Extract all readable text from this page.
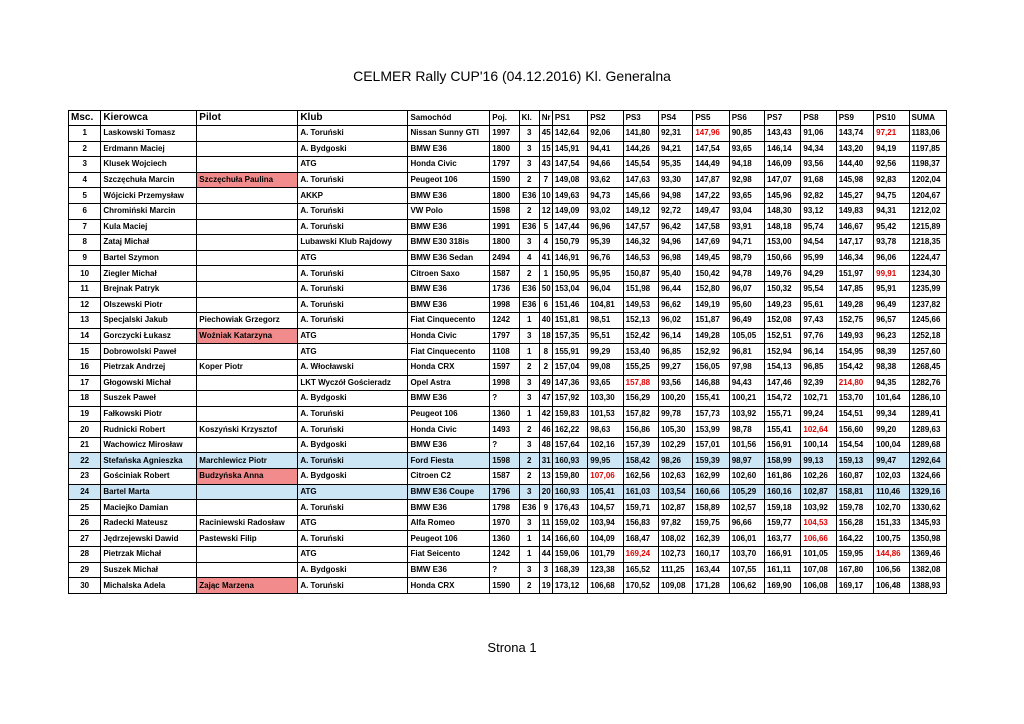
CELMER Rally CUP'16 (04.12.2016) Kl. Generalna
Msc.	Kierowca	Pilot	Klub	Samochód	Poj.	Kl.	Nr	PS1	PS2	PS3	PS4	PS5	PS6	PS7	PS8	PS9	PS10	SUMA
1	Laskowski Tomasz		A. Toruński	Nissan Sunny GTI	1997	3	45	142,64	92,06	141,80	92,31	147,96	90,85	143,43	91,06	143,74	97,21	1183,06
2	Erdmann Maciej		A. Bydgoski	BMW E36	1800	3	15	145,91	94,41	144,26	94,21	147,54	93,65	146,14	94,34	143,20	94,19	1197,85
3	Klusek Wojciech		ATG	Honda Civic	1797	3	43	147,54	94,66	145,54	95,35	144,49	94,18	146,09	93,56	144,40	92,56	1198,37
4	Szczęchuła Marcin	Szczęchuła Paulina	A. Toruński	Peugeot 106	1590	2	7	149,08	93,62	147,63	93,30	147,87	92,98	147,07	91,68	145,98	92,83	1202,04
5	Wójcicki Przemysław		AKKP	BMW E36	1800	E36	10	149,63	94,73	145,66	94,98	147,22	93,65	145,96	92,82	145,27	94,75	1204,67
6	Chromiński Marcin		A. Toruński	VW Polo	1598	2	12	149,09	93,02	149,12	92,72	149,47	93,04	148,30	93,12	149,83	94,31	1212,02
7	Kula Maciej		A. Toruński	BMW E36	1991	E36	5	147,44	96,96	147,57	96,42	147,58	93,91	148,18	95,74	146,67	95,42	1215,89
8	Zataj Michał		Lubawski Klub Rajdowy	BMW E30 318is	1800	3	4	150,79	95,39	146,32	94,96	147,69	94,71	153,00	94,54	147,17	93,78	1218,35
9	Bartel Szymon		ATG	BMW E36 Sedan	2494	4	41	146,91	96,76	146,53	96,98	149,45	98,79	150,66	95,99	146,34	96,06	1224,47
10	Ziegler Michał		A. Toruński	Citroen Saxo	1587	2	1	150,95	95,95	150,87	95,40	150,42	94,78	149,76	94,29	151,97	99,91	1234,30
11	Brejnak Patryk		A. Toruński	BMW E36	1736	E36	50	153,04	96,04	151,98	96,44	152,80	96,07	150,32	95,54	147,85	95,91	1235,99
12	Olszewski Piotr		A. Toruński	BMW E36	1998	E36	6	151,46	104,81	149,53	96,62	149,19	95,60	149,23	95,61	149,28	96,49	1237,82
13	Specjalski Jakub	Piechowiak Grzegorz	A. Toruński	Fiat Cinquecento	1242	1	40	151,81	98,51	152,13	96,02	151,87	96,49	152,08	97,43	152,75	96,57	1245,66
14	Gorczycki Łukasz	Woźniak Katarzyna	ATG	Honda Civic	1797	3	18	157,35	95,51	152,42	96,14	149,28	105,05	152,51	97,76	149,93	96,23	1252,18
15	Dobrowolski Paweł		ATG	Fiat Cinquecento	1108	1	8	155,91	99,29	153,40	96,85	152,92	96,81	152,94	96,14	154,95	98,39	1257,60
16	Pietrzak Andrzej	Koper Piotr	A. Włocławski	Honda CRX	1597	2	2	157,04	99,08	155,25	99,27	156,05	97,98	154,13	96,85	154,42	98,38	1268,45
17	Głogowski Michał		LKT Wyczół Gościeradz	Opel Astra	1998	3	49	147,36	93,65	157,88	93,56	146,88	94,43	147,46	92,39	214,80	94,35	1282,76
18	Suszek Paweł		A. Bydgoski	BMW E36	?	3	47	157,92	103,30	156,29	100,20	155,41	100,21	154,72	102,71	153,70	101,64	1286,10
19	Fałkowski Piotr		A. Toruński	Peugeot 106	1360	1	42	159,83	101,53	157,82	99,78	157,73	103,92	155,71	99,24	154,51	99,34	1289,41
20	Rudnicki Robert	Koszyński Krzysztof	A. Toruński	Honda Civic	1493	2	46	162,22	98,63	156,86	105,30	153,99	98,78	155,41	102,64	156,60	99,20	1289,63
21	Wachowicz Mirosław		A. Bydgoski	BMW E36	?	3	48	157,64	102,16	157,39	102,29	157,01	101,56	156,91	100,14	154,54	100,04	1289,68
22	Stefańska Agnieszka	Marchlewicz Piotr	A. Toruński	Ford Fiesta	1598	2	31	160,93	99,95	158,42	98,26	159,39	98,97	158,99	99,13	159,13	99,47	1292,64
23	Gościniak Robert	Budzyńska Anna	A. Bydgoski	Citroen C2	1587	2	13	159,80	107,06	162,56	102,63	162,99	102,60	161,86	102,26	160,87	102,03	1324,66
24	Bartel Marta		ATG	BMW E36 Coupe	1796	3	20	160,93	105,41	161,03	103,54	160,66	105,29	160,16	102,87	158,81	110,46	1329,16
25	Maciejko Damian		A. Toruński	BMW E36	1798	E36	9	176,43	104,57	159,71	102,87	158,89	102,57	159,18	103,92	159,78	102,70	1330,62
26	Radecki Mateusz	Raciniewski Radosław	ATG	Alfa Romeo	1970	3	11	159,02	103,94	156,83	97,82	159,75	96,66	159,77	104,53	156,28	151,33	1345,93
27	Jędrzejewski Dawid	Pastewski Filip	A. Toruński	Peugeot 106	1360	1	14	166,60	104,09	168,47	108,02	162,39	106,01	163,77	106,66	164,22	100,75	1350,98
28	Pietrzak Michał		ATG	Fiat Seicento	1242	1	44	159,06	101,79	169,24	102,73	160,17	103,70	166,91	101,05	159,95	144,86	1369,46
29	Suszek Michał		A. Bydgoski	BMW E36	?	3	3	168,39	123,38	165,52	111,25	163,44	107,55	161,11	107,08	167,80	106,56	1382,08
30	Michalska Adela	Zając Marzena	A. Toruński	Honda CRX	1590	2	19	173,12	106,68	170,52	109,08	171,28	106,62	169,90	106,08	169,17	106,48	1388,93
Strona 1
